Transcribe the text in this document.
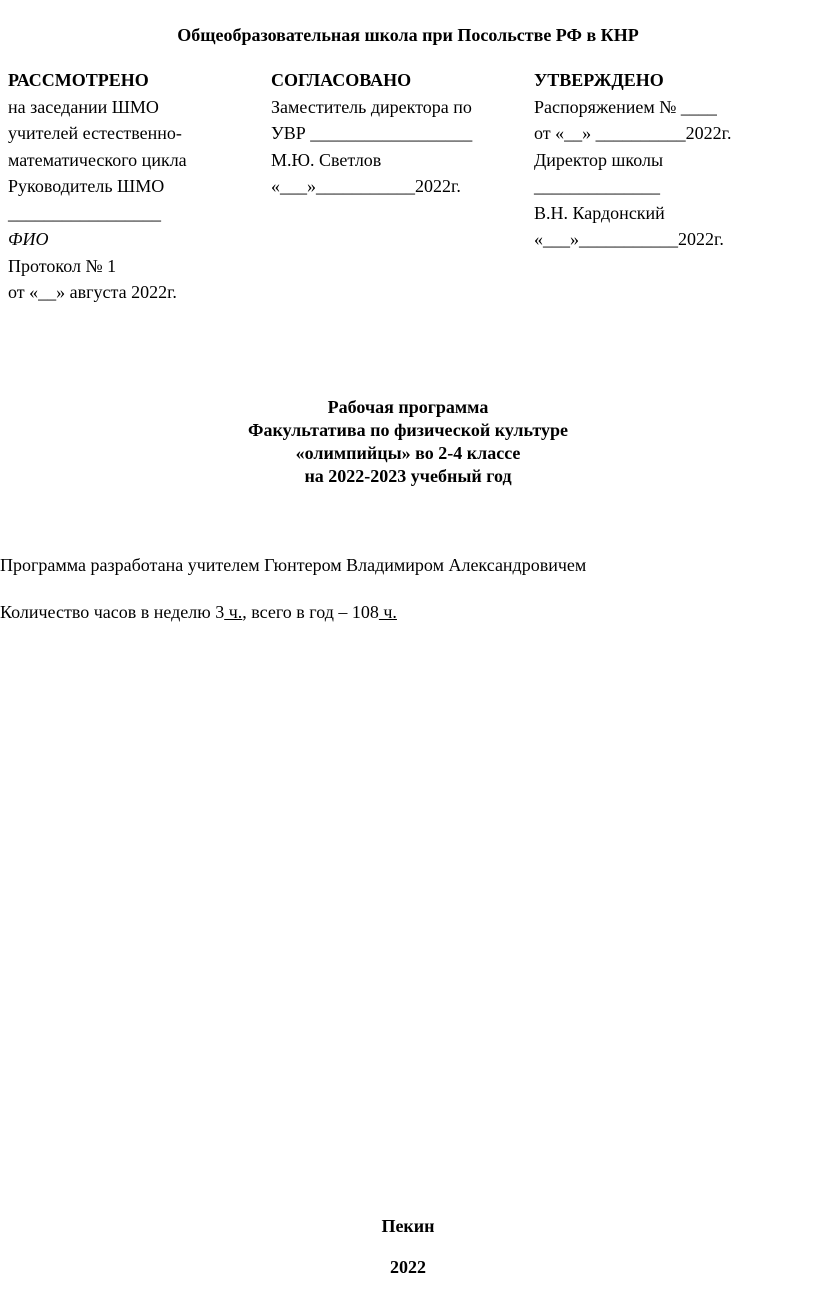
Общеобразовательная школа при Посольстве РФ в КНР
РАССМОТРЕНО
на заседании ШМО
учителей естественно-
математического цикла
Руководитель ШМО
_________________
ФИО
Протокол № 1
от «__» августа 2022г.
СОГЛАСОВАНО
Заместитель директора по
УВР __________________
М.Ю. Светлов
«___»___________2022г.
УТВЕРЖДЕНО
Распоряжением № ____
от «__» __________2022г.
Директор школы
______________
В.Н. Кардонский
«___»___________2022г.
Рабочая программа
Факультатива по физической культуре
«олимпийцы» во 2-4 классе
на 2022-2023 учебный год
Программа разработана учителем Гюнтером Владимиром Александровичем
Количество часов в неделю 3 ч., всего в год – 108 ч.
Пекин
2022
